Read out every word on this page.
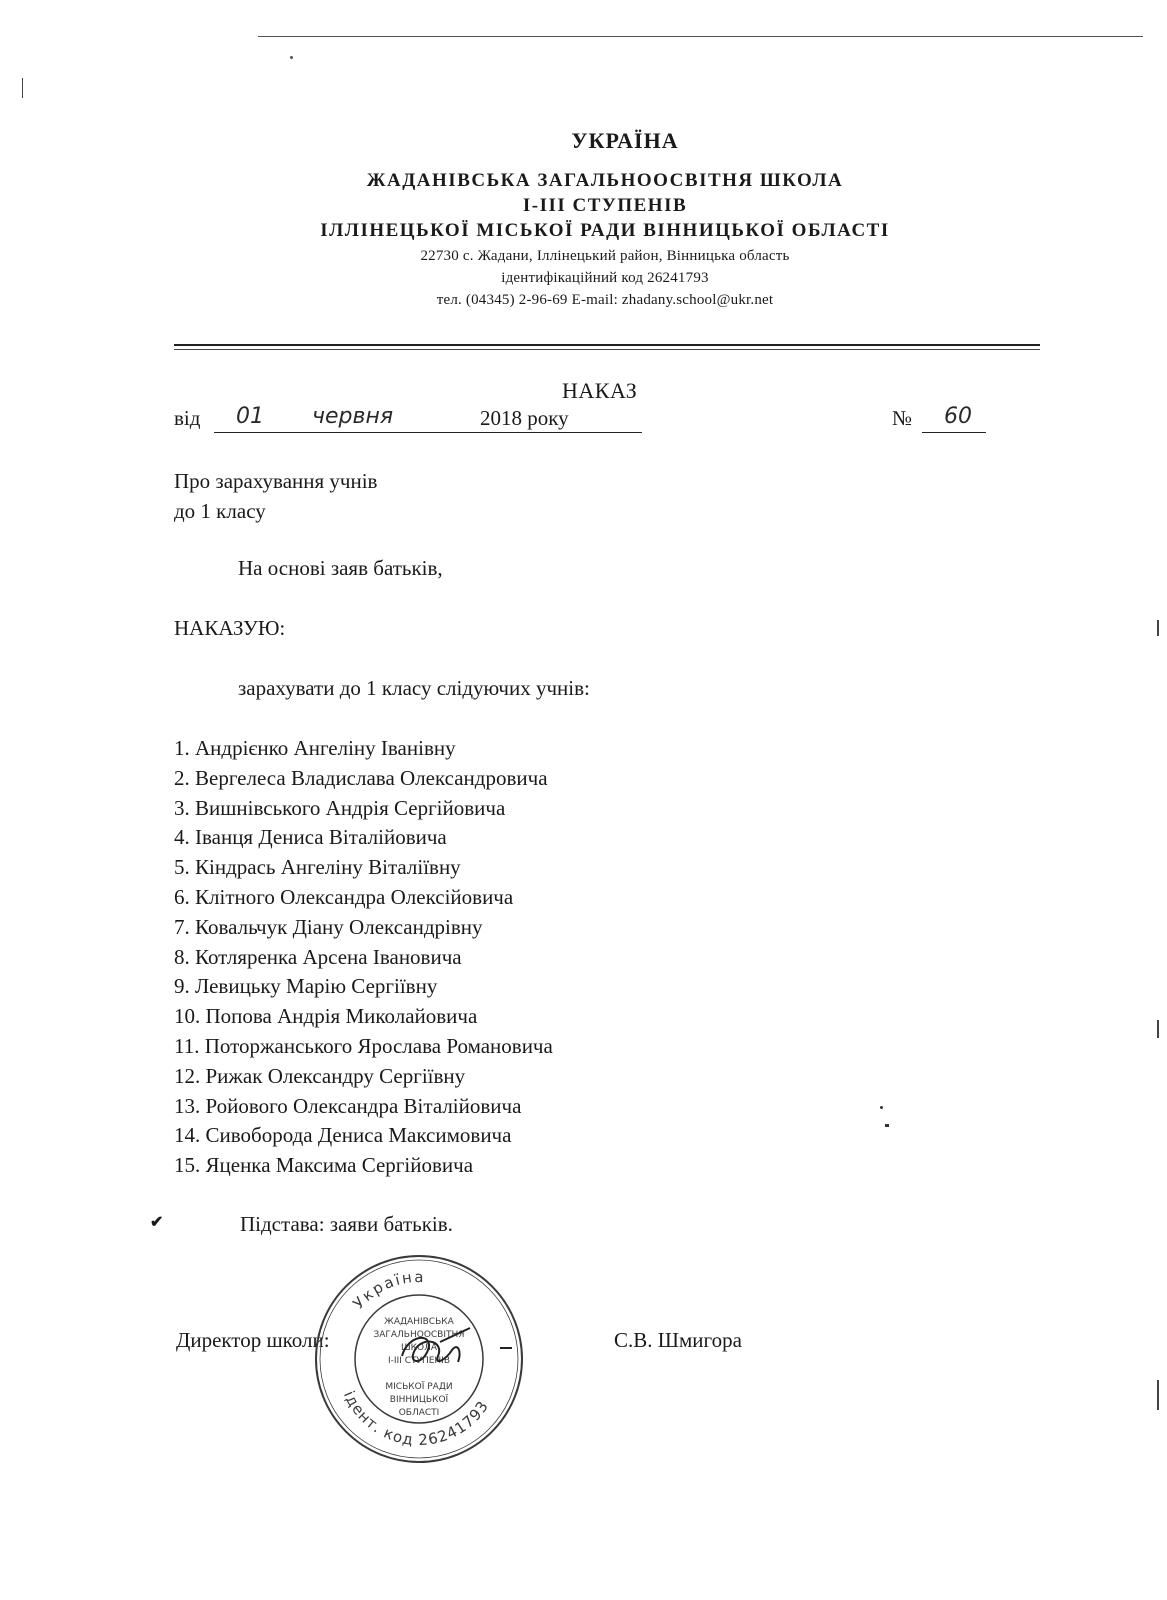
УКРАЇНА
ЖАДАНІВСЬКА ЗАГАЛЬНООСВІТНЯ ШКОЛА
І-ІІІ СТУПЕНІВ
ІЛЛІНЕЦЬКОЇ МІСЬКОЇ РАДИ ВІННИЦЬКОЇ ОБЛАСТІ
22730 с. Жадани, Іллінецький район, Вінницька область
ідентифікаційний код 26241793
тел. (04345) 2-96-69 E-mail: zhadany.school@ukr.net
НАКАЗ
від 01 червня	2018 року	№ 60
Про зарахування учнів
до 1 класу
На основі заяв батьків,
НАКАЗУЮ:
зарахувати до 1 класу слідуючих учнів:
1. Андрієнко Ангеліну Іванівну
2. Вергелеса Владислава Олександровича
3. Вишнівського Андрія Сергійовича
4. Іванця Дениса Віталійовича
5. Кіндрась Ангеліну Віталіївну
6. Клітного Олександра Олексійовича
7. Ковальчук Діану Олександрівну
8. Котляренка Арсена Івановича
9. Левицьку Марію Сергіївну
10. Попова Андрія Миколайовича
11. Поторжанського Ярослава Романовича
12. Рижак Олександру Сергіївну
13. Ройового Олександра Віталійовича
14. Сивоборода Дениса Максимовича
15. Яценка Максима Сергійовича
✔	Підстава: заяви батьків.
Директор школи:	С.В. Шмигора
Україна
ідент. код 26241793
ЖАДАНІВСЬКА
ЗАГАЛЬНООСВІТНЯ
ШКОЛА
І-ІІІ СТУПЕНІВ
МІСЬКОЇ РАДИ
ВІННИЦЬКОЇ
ОБЛАСТІ
